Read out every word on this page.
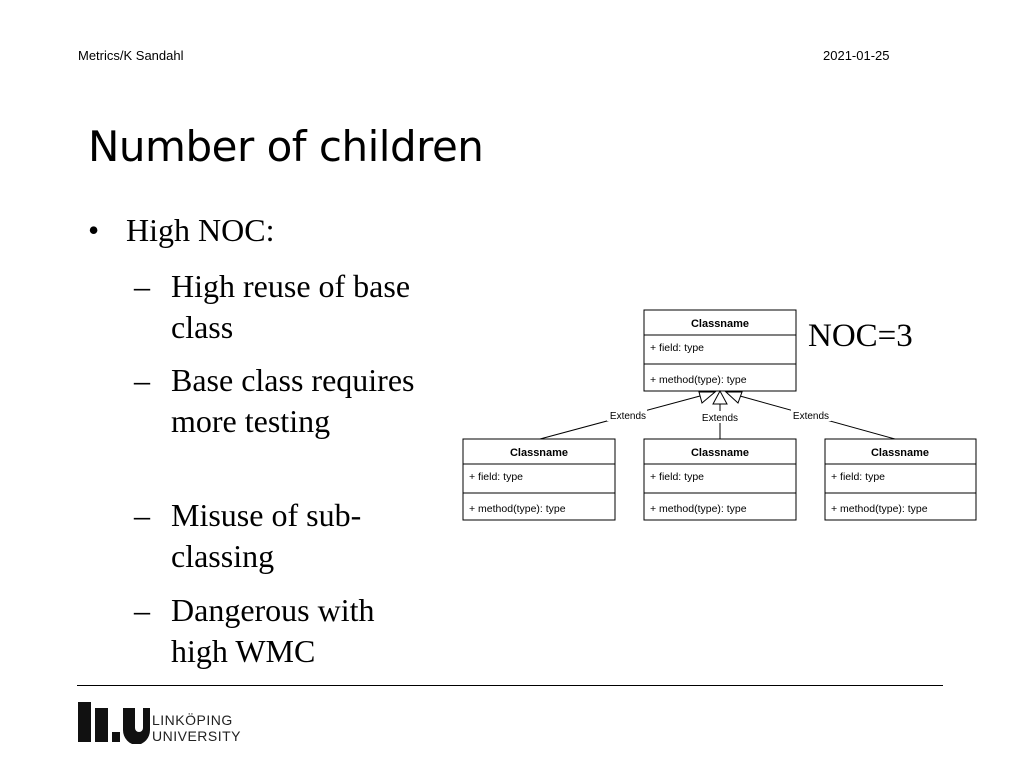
Metrics/K Sandahl	2021-01-25
Number of children
• High NOC:
– High reuse of base class
– Base class requires more testing
– Misuse of sub-classing
– Dangerous with high WMC
NOC=3
Classname
+ field: type
+ method(type): type
Classname
+ field: type
+ method(type): type
Classname
+ field: type
+ method(type): type
Classname
+ field: type
+ method(type): type
Extends	Extends	Extends
LINKÖPING
UNIVERSITY
